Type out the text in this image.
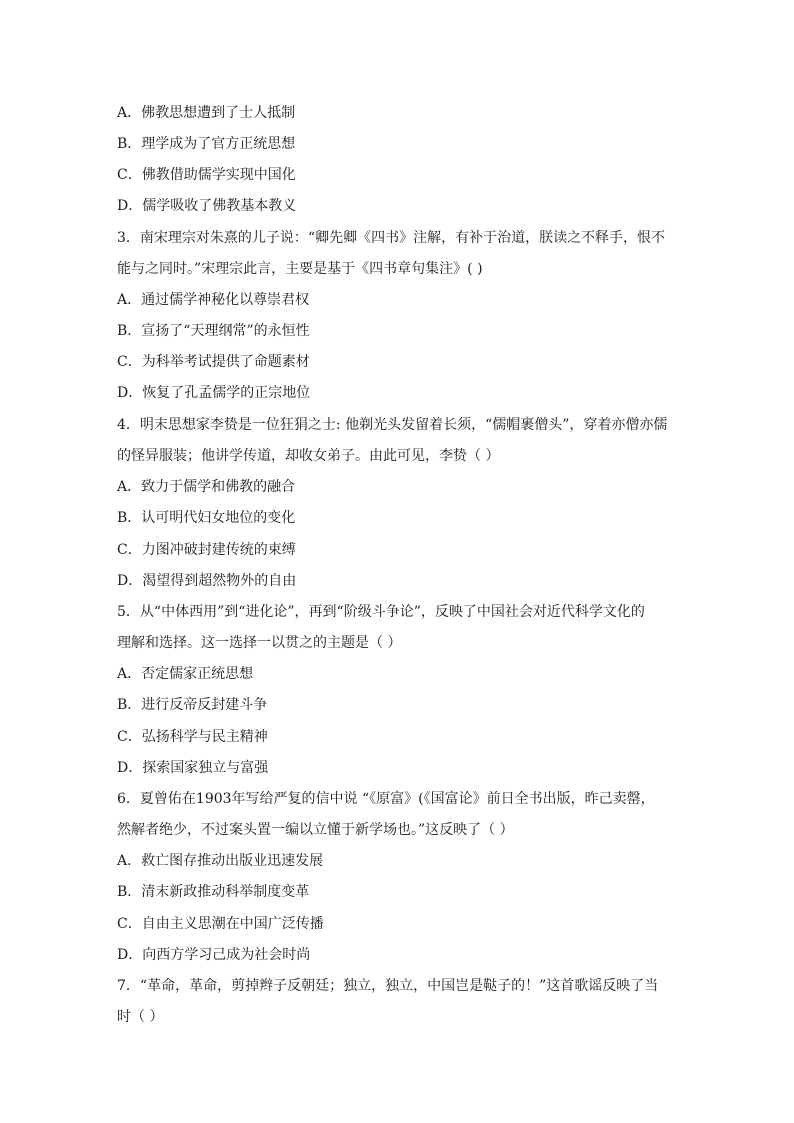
A．佛教思想遭到了士人抵制
B．理学成为了官方正统思想
C．佛教借助儒学实现中国化
D．儒学吸收了佛教基本教义
3．南宋理宗对朱熹的儿子说：“卿先卿《四书》注解，有补于治道，朕读之不释手，恨不
能与之同时。”宋理宗此言，主要是基于《四书章句集注》( )
A．通过儒学神秘化以尊崇君权
B．宣扬了“天理纲常”的永恒性
C．为科举考试提供了命题素材
D．恢复了孔孟儒学的正宗地位
4．明末思想家李贽是一位狂狷之士: 他剃光头发留着长须，“儒帽裹僧头”，穿着亦僧亦儒
的怪异服装；他讲学传道，却收女弟子。由此可见，李贽（ ）
A．致力于儒学和佛教的融合
B．认可明代妇女地位的变化
C．力图冲破封建传统的束缚
D．渴望得到超然物外的自由
5．从“中体西用”到“进化论”，再到“阶级斗争论”，反映了中国社会对近代科学文化的
理解和选择。这一选择一以贯之的主题是（ ）
A．否定儒家正统思想
B．进行反帝反封建斗争
C．弘扬科学与民主精神
D．探索国家独立与富强
6．夏曾佑在1903年写给严复的信中说 “《原富》(《国富论》前日全书出版，昨己卖罄，
然解者绝少，不过案头置一编以立懂于新学场也。”这反映了（ ）
A．救亡图存推动出版业迅速发展
B．清末新政推动科举制度变革
C．自由主义思潮在中国广泛传播
D．向西方学习己成为社会时尚
7．“革命，革命，剪掉辫子反朝廷；独立，独立，中国岂是鞑子的！”这首歌谣反映了当
时（ ）
